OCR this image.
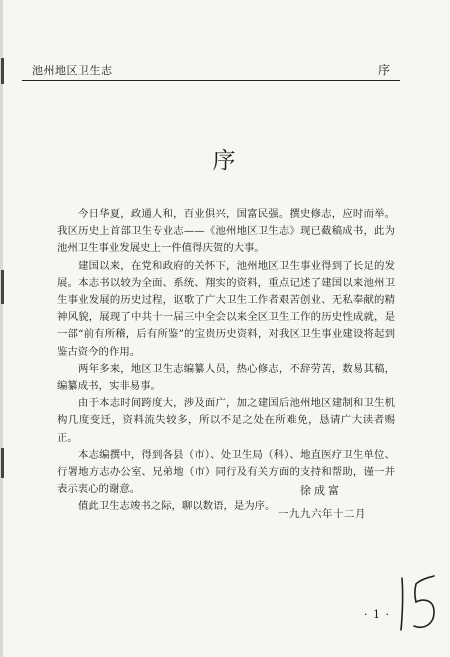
池州地区卫生志	序
序

今日华夏，政通人和，百业俱兴，国富民强。撰史修志，应时而举。我区历史上首部卫生专业志——《池州地区卫生志》现已截稿成书，此为池州卫生事业发展史上一件值得庆贺的大事。

建国以来，在党和政府的关怀下，池州地区卫生事业得到了长足的发展。本志书以较为全面、系统、翔实的资料，重点记述了建国以来池州卫生事业发展的历史过程，讴歌了广大卫生工作者艰苦创业、无私奉献的精神风貌，展现了中共十一届三中全会以来全区卫生工作的历史性成就，是一部“前有所稽，后有所鉴”的宝贵历史资料，对我区卫生事业建设将起到鉴古资今的作用。

两年多来，地区卫生志编纂人员，热心修志，不辞劳苦，数易其稿，编纂成书，实非易事。

由于本志时间跨度大，涉及面广，加之建国后池州地区建制和卫生机构几度变迁，资料流失较多，所以不足之处在所难免，恳请广大读者赐正。

本志编撰中，得到各县（市）、处卫生局（科）、地直医疗卫生单位、行署地方志办公室、兄弟地（市）同行及有关方面的支持和帮助，谨一并表示衷心的谢意。

值此卫生志竣书之际，聊以数语，是为序。

徐成富
一九九六年十二月
· 1 ·
